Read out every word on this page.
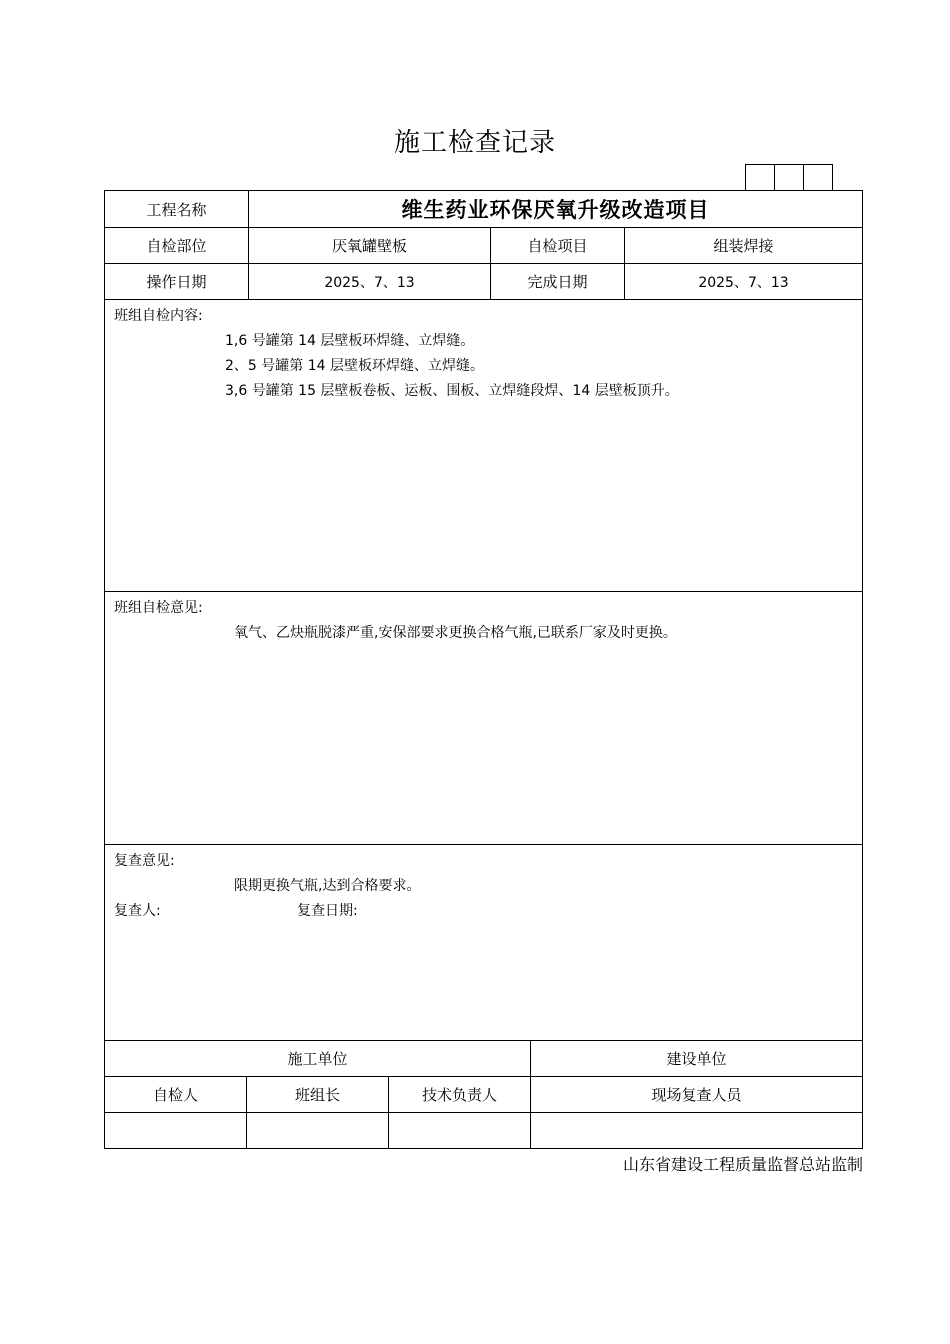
施工检查记录
工程名称	维生药业环保厌氧升级改造项目
自检部位	厌氧罐壁板	自检项目	组装焊接
操作日期	2025、7、13	完成日期	2025、7、13
班组自检内容:
1,6 号罐第 14 层壁板环焊缝、立焊缝。
2、5 号罐第 14 层壁板环焊缝、立焊缝。
3,6 号罐第 15 层壁板卷板、运板、围板、立焊缝段焊、14 层壁板顶升。
班组自检意见:
氧气、乙炔瓶脱漆严重,安保部要求更换合格气瓶,已联系厂家及时更换。
复查意见:
限期更换气瓶,达到合格要求。
复查人:	复查日期:
施工单位	建设单位
自检人	班组长	技术负责人	现场复查人员
山东省建设工程质量监督总站监制
